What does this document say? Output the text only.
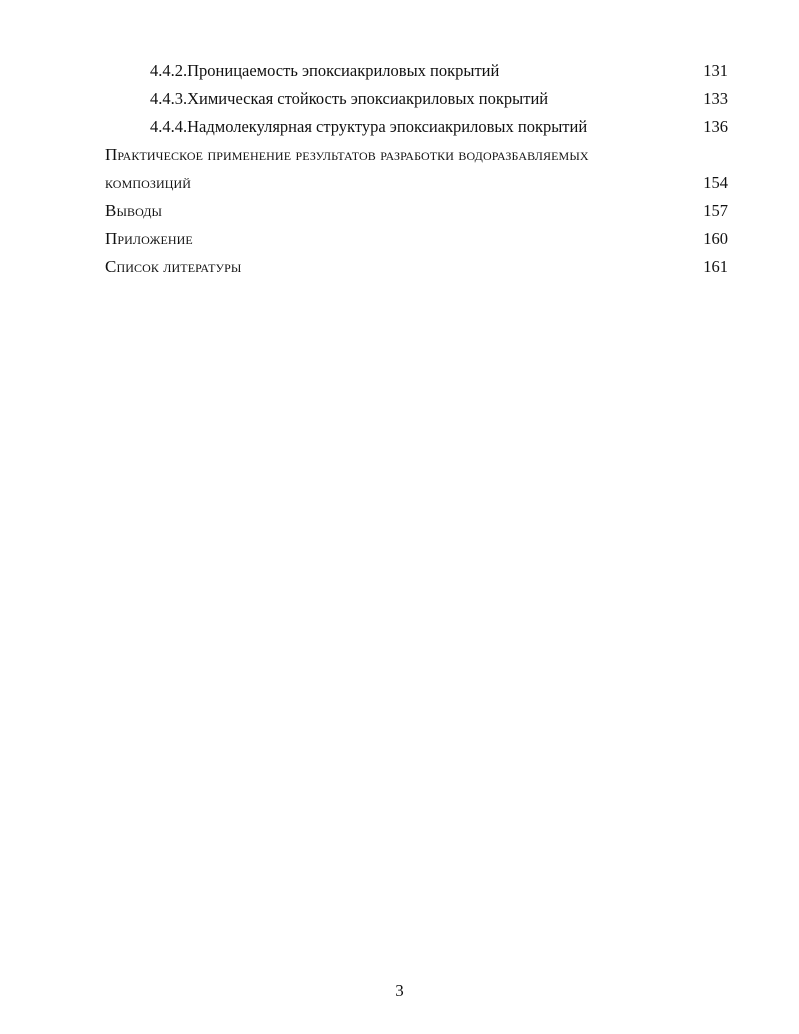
4.4.2.Проницаемость эпоксиакриловых покрытий	131
4.4.3.Химическая стойкость эпоксиакриловых покрытий	133
4.4.4.Надмолекулярная структура эпоксиакриловых покрытий	136
Практическое применение результатов разработки водоразбавляемых
композиций	154
Выводы	157
Приложение	160
Список литературы	161
3
